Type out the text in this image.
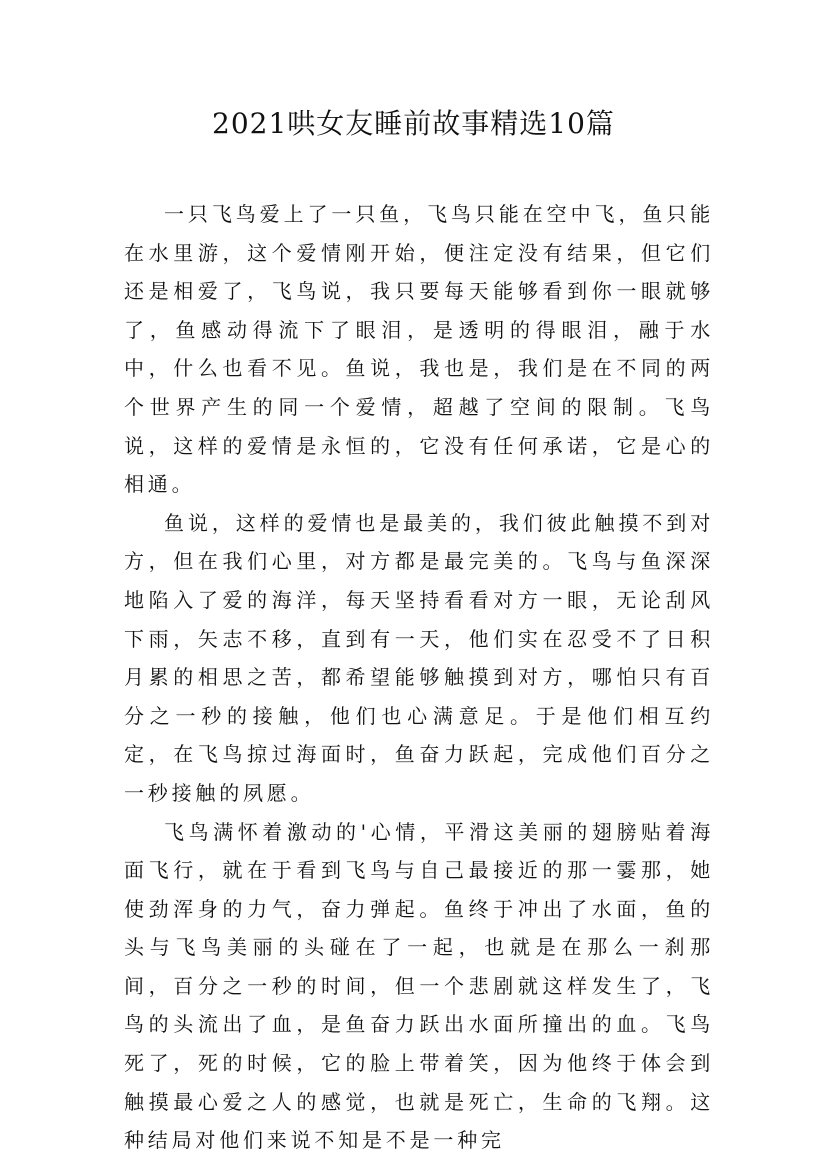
2021哄女友睡前故事精选10篇

一只飞鸟爱上了一只鱼，飞鸟只能在空中飞，鱼只能在水里游，这个爱情刚开始，便注定没有结果，但它们还是相爱了，飞鸟说，我只要每天能够看到你一眼就够了，鱼感动得流下了眼泪，是透明的得眼泪，融于水中，什么也看不见。鱼说，我也是，我们是在不同的两个世界产生的同一个爱情，超越了空间的限制。飞鸟说，这样的爱情是永恒的，它没有任何承诺，它是心的相通。

鱼说，这样的爱情也是最美的，我们彼此触摸不到对方，但在我们心里，对方都是最完美的。飞鸟与鱼深深地陷入了爱的海洋，每天坚持看看对方一眼，无论刮风下雨，矢志不移，直到有一天，他们实在忍受不了日积月累的相思之苦，都希望能够触摸到对方，哪怕只有百分之一秒的接触，他们也心满意足。于是他们相互约定，在飞鸟掠过海面时，鱼奋力跃起，完成他们百分之一秒接触的夙愿。

飞鸟满怀着激动的'心情，平滑这美丽的翅膀贴着海面飞行，就在于看到飞鸟与自己最接近的那一霎那，她使劲浑身的力气，奋力弹起。鱼终于冲出了水面，鱼的头与飞鸟美丽的头碰在了一起，也就是在那么一刹那间，百分之一秒的时间，但一个悲剧就这样发生了，飞鸟的头流出了血，是鱼奋力跃出水面所撞出的血。飞鸟死了，死的时候，它的脸上带着笑，因为他终于体会到触摸最心爱之人的感觉，也就是死亡，生命的飞翔。这种结局对他们来说不知是不是一种完
